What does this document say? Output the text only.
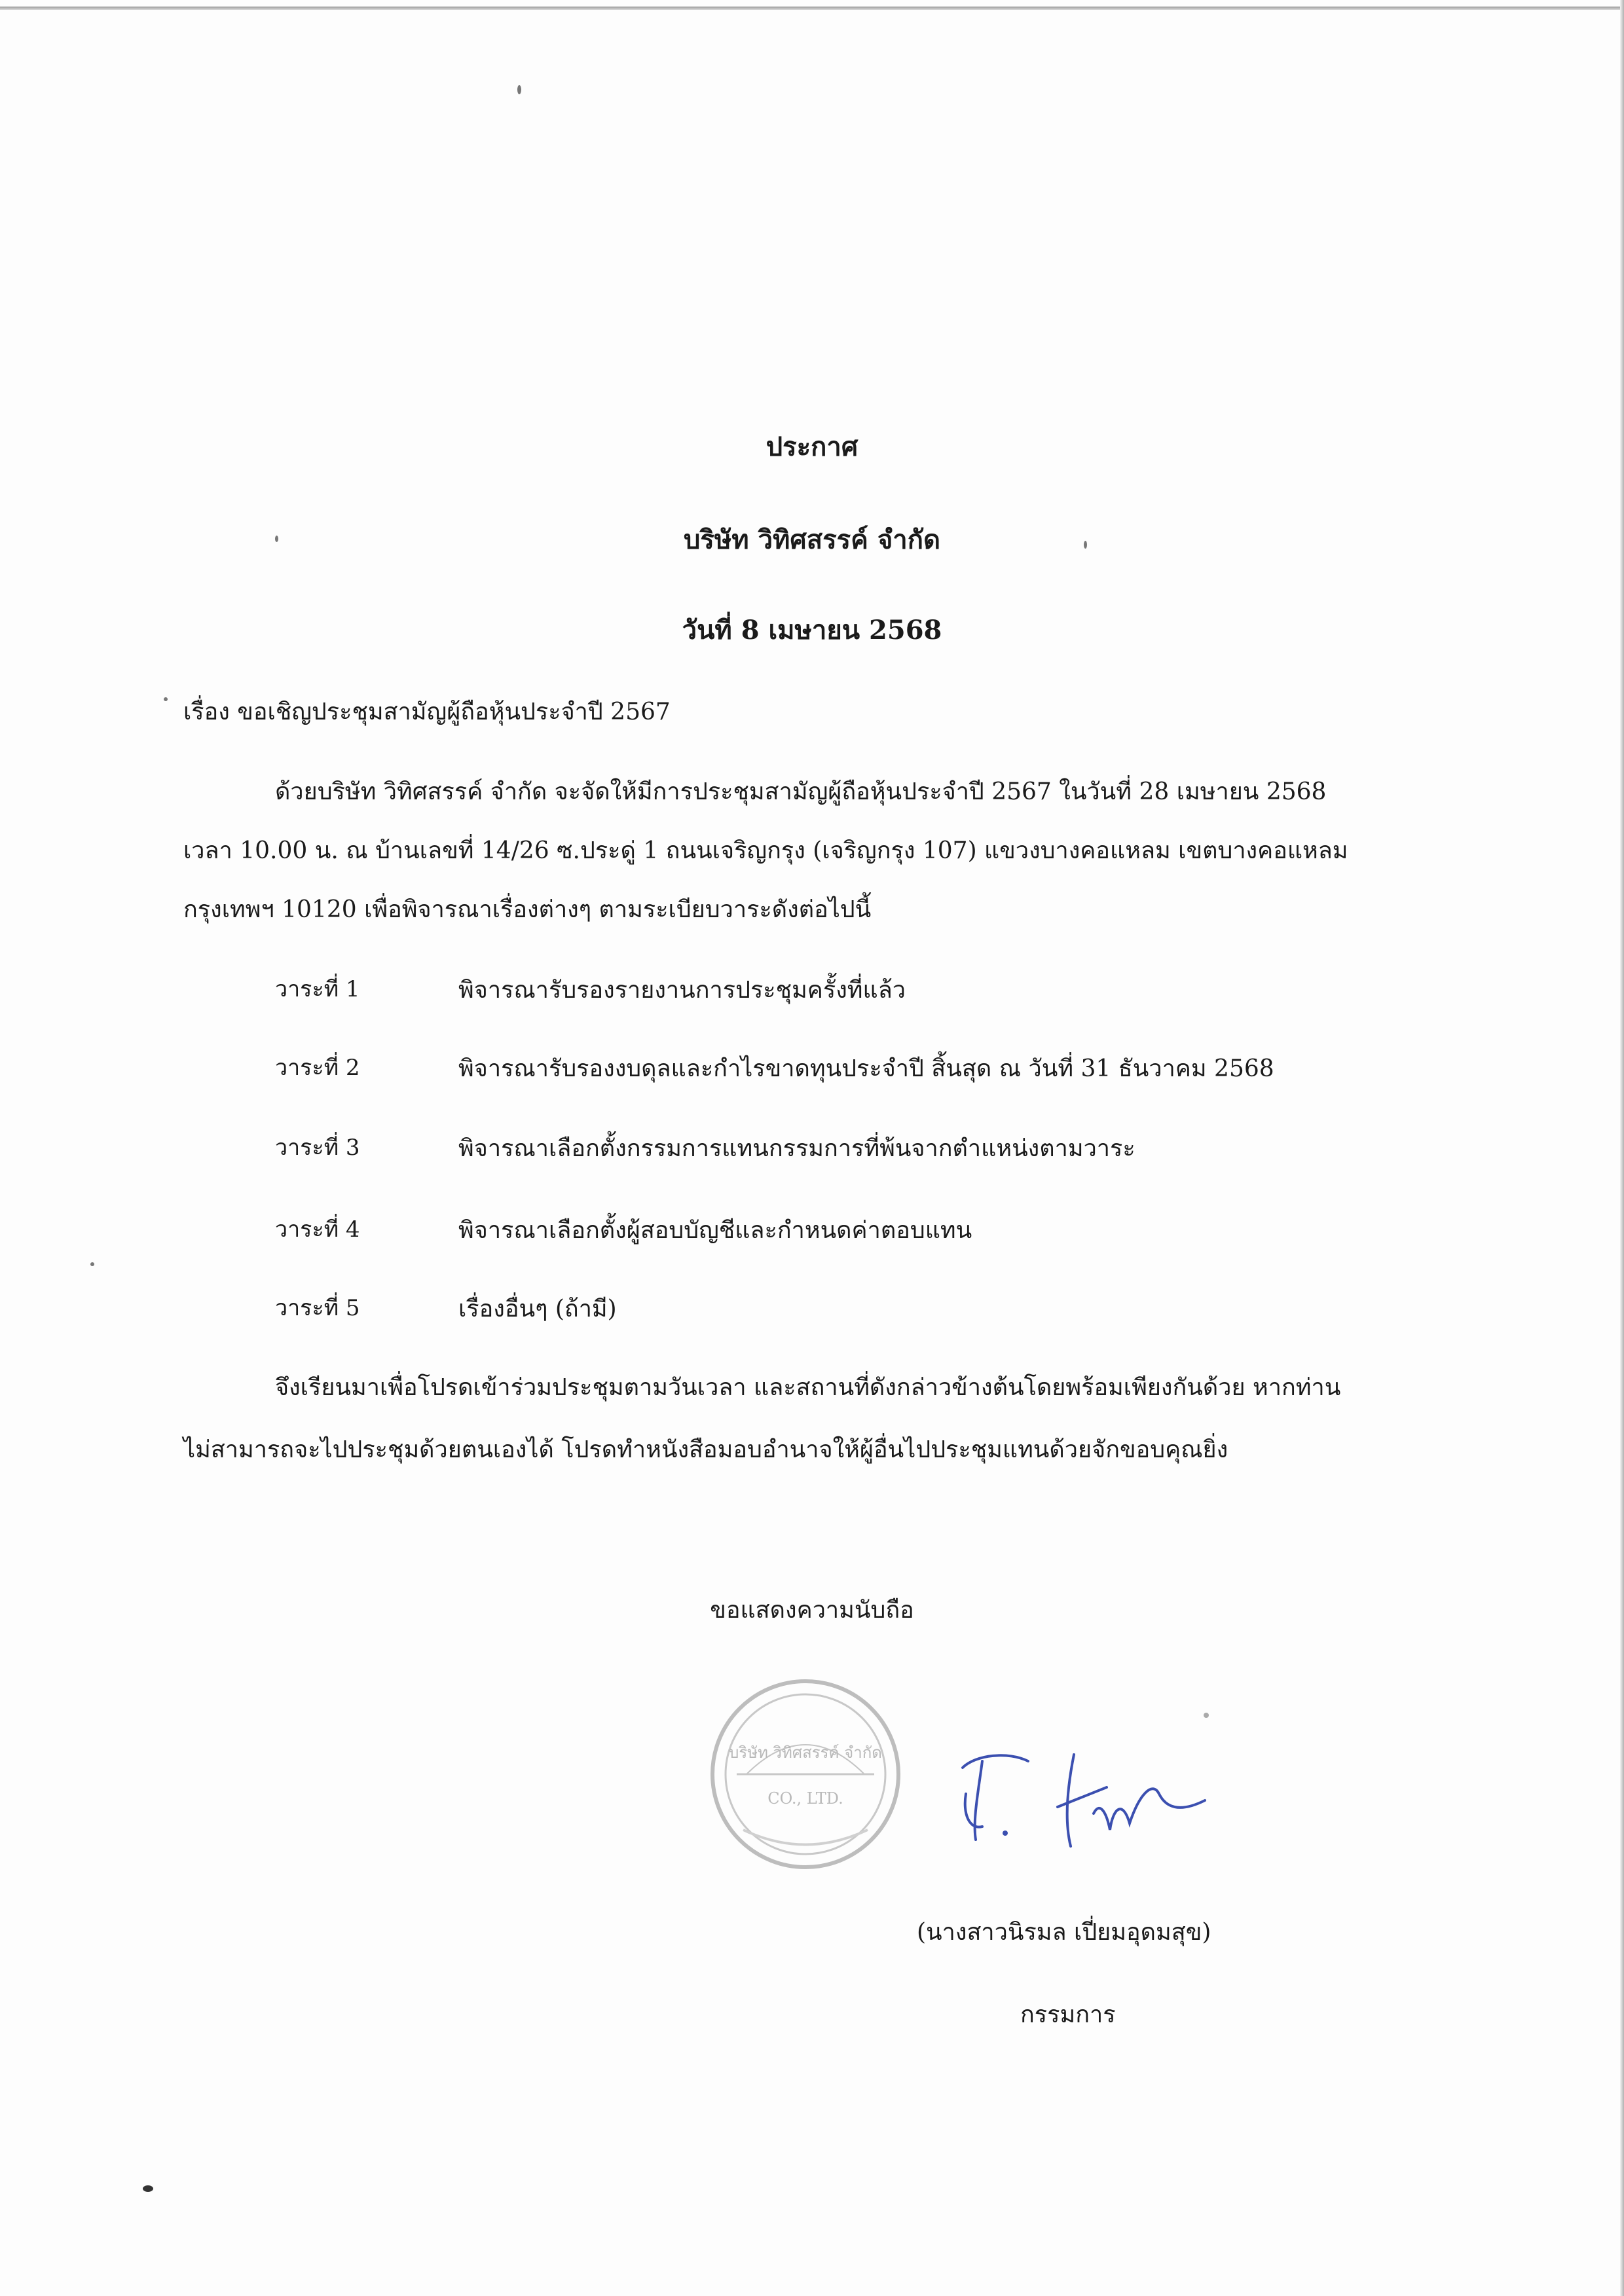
ประกาศ
บริษัท วิทิศสรรค์ จำกัด
วันที่ 8 เมษายน 2568
เรื่อง ขอเชิญประชุมสามัญผู้ถือหุ้นประจำปี 2567
ด้วยบริษัท วิทิศสรรค์ จำกัด จะจัดให้มีการประชุมสามัญผู้ถือหุ้นประจำปี 2567 ในวันที่ 28 เมษายน 2568
เวลา 10.00 น. ณ บ้านเลขที่ 14/26 ซ.ประดู่ 1 ถนนเจริญกรุง (เจริญกรุง 107) แขวงบางคอแหลม เขตบางคอแหลม
กรุงเทพฯ 10120 เพื่อพิจารณาเรื่องต่างๆ ตามระเบียบวาระดังต่อไปนี้
วาระที่ 1	พิจารณารับรองรายงานการประชุมครั้งที่แล้ว
วาระที่ 2	พิจารณารับรองงบดุลและกำไรขาดทุนประจำปี สิ้นสุด ณ วันที่ 31 ธันวาคม 2568
วาระที่ 3	พิจารณาเลือกตั้งกรรมการแทนกรรมการที่พ้นจากตำแหน่งตามวาระ
วาระที่ 4	พิจารณาเลือกตั้งผู้สอบบัญชีและกำหนดค่าตอบแทน
วาระที่ 5	เรื่องอื่นๆ (ถ้ามี)
จึงเรียนมาเพื่อโปรดเข้าร่วมประชุมตามวันเวลา และสถานที่ดังกล่าวข้างต้นโดยพร้อมเพียงกันด้วย หากท่าน
ไม่สามารถจะไปประชุมด้วยตนเองได้ โปรดทำหนังสือมอบอำนาจให้ผู้อื่นไปประชุมแทนด้วยจักขอบคุณยิ่ง
ขอแสดงความนับถือ
บริษัท วิทิศสรรค์ จำกัด
CO., LTD.
(นางสาวนิรมล เปี่ยมอุดมสุข)
กรรมการ
